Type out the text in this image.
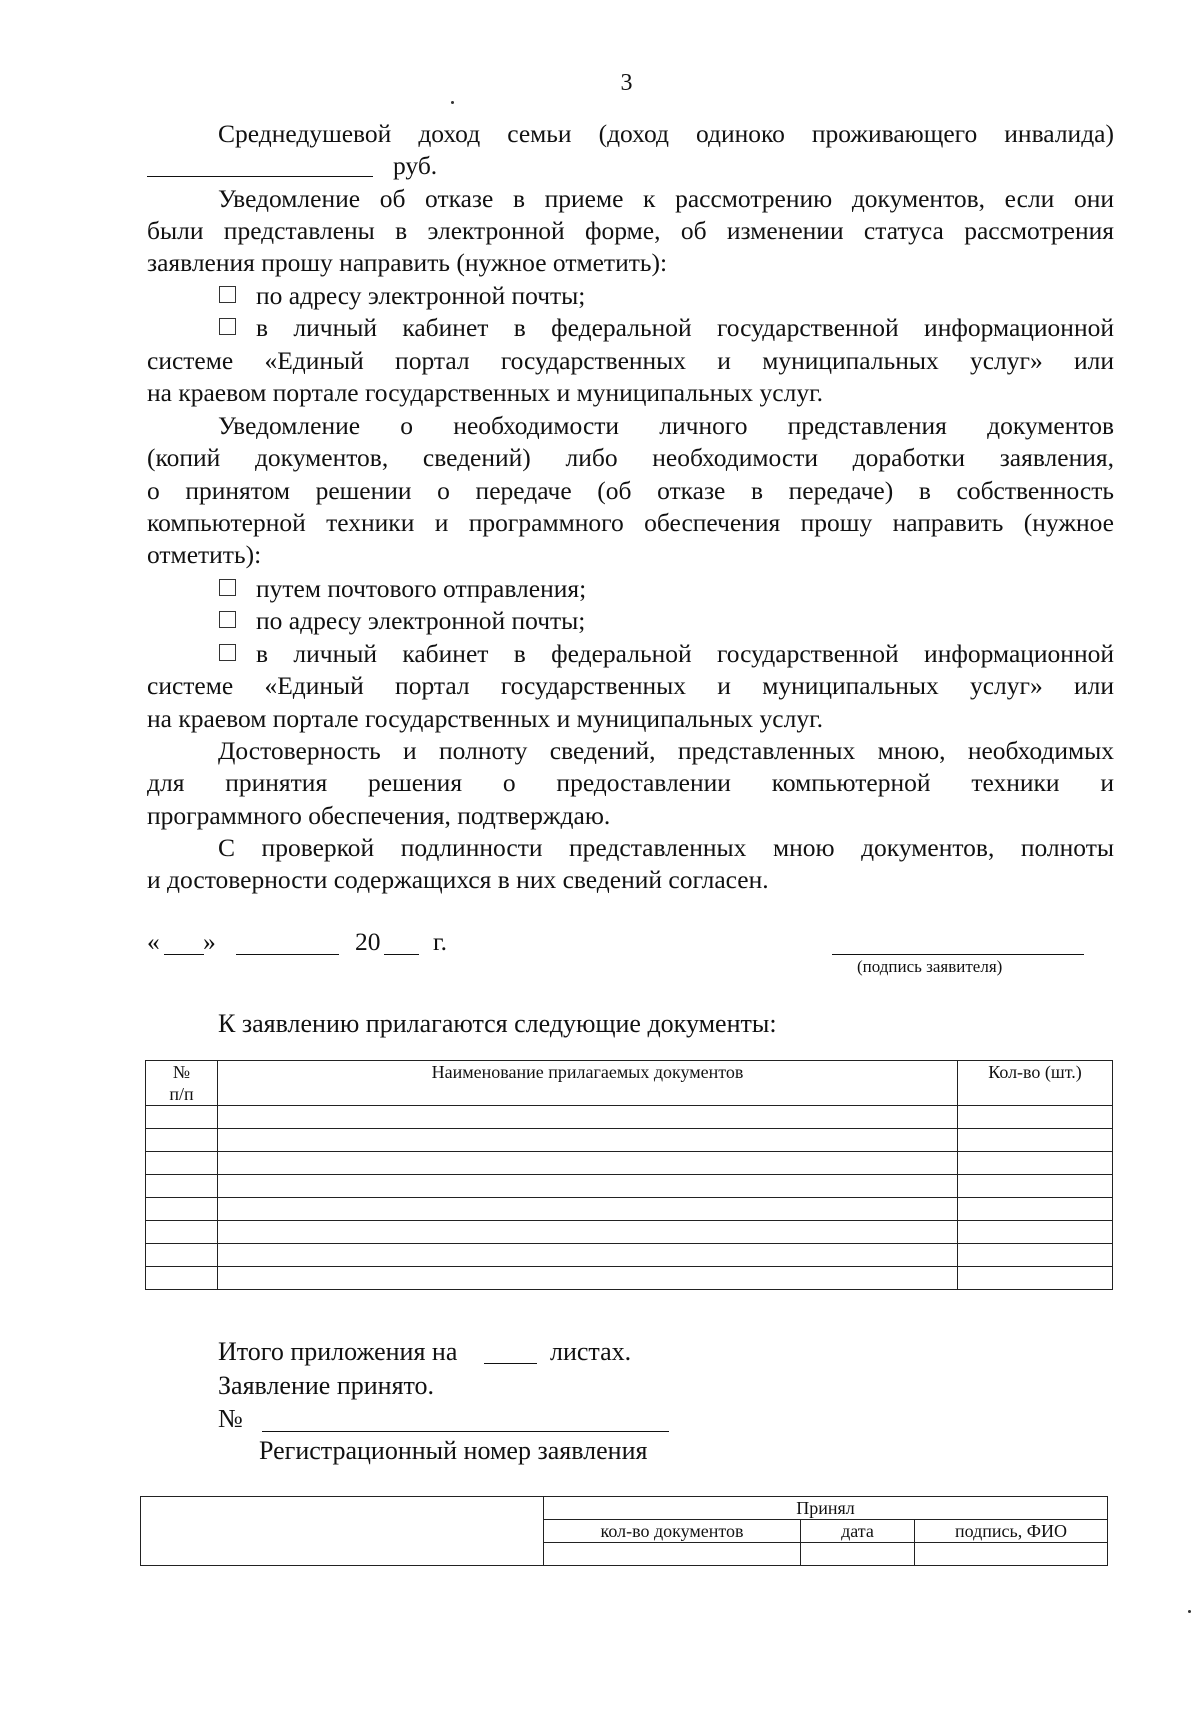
3
Среднедушевой доход семьи (доход одиноко проживающего инвалида)
руб.
Уведомление об отказе в приеме к рассмотрению документов, если они
были представлены в электронной форме, об изменении статуса рассмотрения
заявления прошу направить (нужное отметить):
по адресу электронной почты;
в личный кабинет в федеральной государственной информационной
системе «Единый портал государственных и муниципальных услуг» или
на краевом портале государственных и муниципальных услуг.
Уведомление о необходимости личного представления документов
(копий документов, сведений) либо необходимости доработки заявления,
о принятом решении о передаче (об отказе в передаче) в собственность
компьютерной техники и программного обеспечения прошу направить (нужное
отметить):
путем почтового отправления;
по адресу электронной почты;
в личный кабинет в федеральной государственной информационной
системе «Единый портал государственных и муниципальных услуг» или
на краевом портале государственных и муниципальных услуг.
Достоверность и полноту сведений, представленных мною, необходимых
для принятия решения о предоставлении компьютерной техники и
программного обеспечения, подтверждаю.
С проверкой подлинности представленных мною документов, полноты
и достоверности содержащихся в них сведений согласен.
« »	20 г.
(подпись заявителя)
К заявлению прилагаются следующие документы:
№
п/п	Наименование прилагаемых документов	Кол-во (шт.)

Итого приложения на	листах.
Заявление принято.
№
Регистрационный номер заявления
	Принял		
	кол-во документов	дата	подпись, ФИО
